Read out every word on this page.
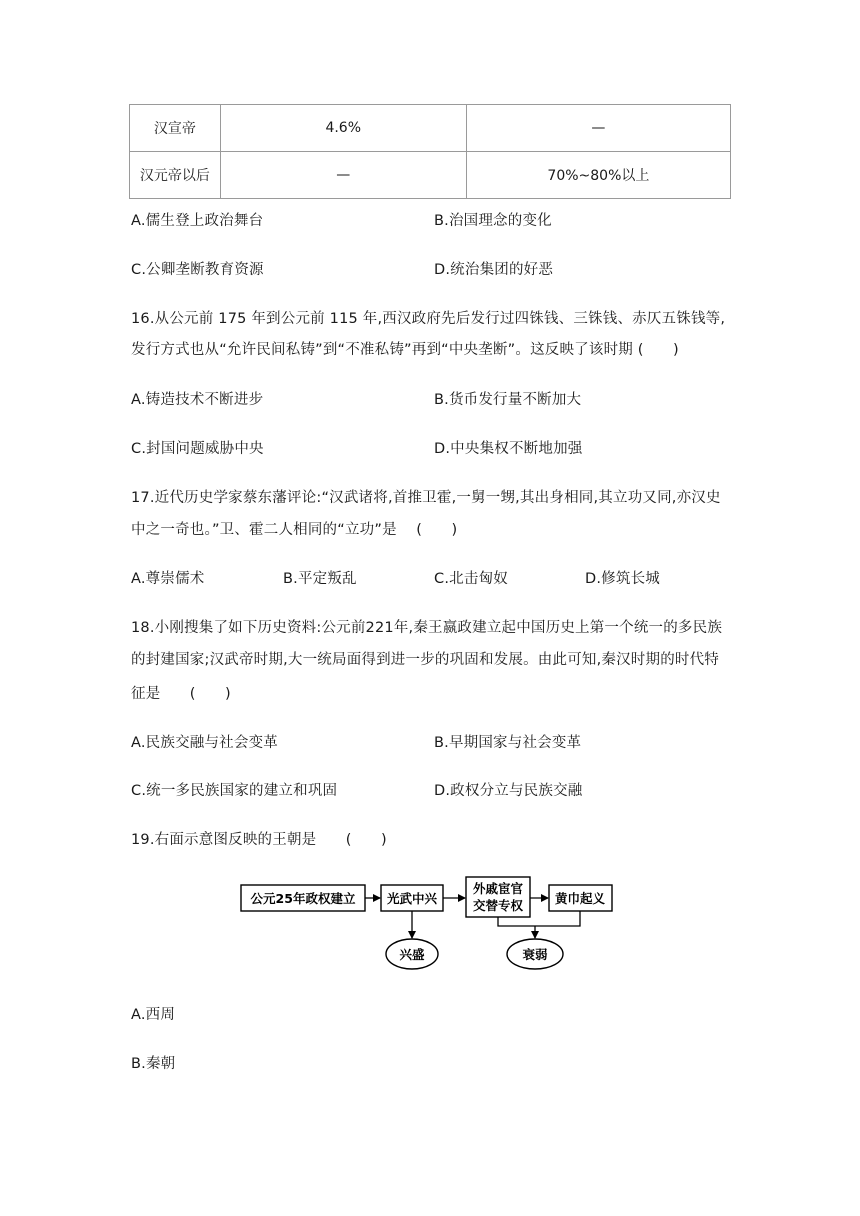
汉宣帝	4.6%	—
汉元帝以后	—	70%~80%以上
A.儒生登上政治舞台	B.治国理念的变化
C.公卿垄断教育资源	D.统治集团的好恶
16.从公元前 175 年到公元前 115 年,西汉政府先后发行过四铢钱、三铢钱、赤仄五铢钱等,
发行方式也从“允许民间私铸”到“不准私铸”再到“中央垄断”。这反映了该时期 (　　)
A.铸造技术不断进步	B.货币发行量不断加大
C.封国问题威胁中央	D.中央集权不断地加强
17.近代历史学家蔡东藩评论:“汉武诸将,首推卫霍,一舅一甥,其出身相同,其立功又同,亦汉史
中之一奇也。”卫、霍二人相同的“立功”是　 (　　)
A.尊崇儒术	B.平定叛乱	C.北击匈奴	D.修筑长城
18.小刚搜集了如下历史资料:公元前221年,秦王嬴政建立起中国历史上第一个统一的多民族
的封建国家;汉武帝时期,大一统局面得到进一步的巩固和发展。由此可知,秦汉时期的时代特
征是　　(　　)
A.民族交融与社会变革	B.早期国家与社会变革
C.统一多民族国家的建立和巩固	D.政权分立与民族交融
19.右面示意图反映的王朝是　　(　　)
公元25年政权建立	光武中兴
外戚宦官
交替专权	黄巾起义
兴盛	衰弱
A.西周
B.秦朝
